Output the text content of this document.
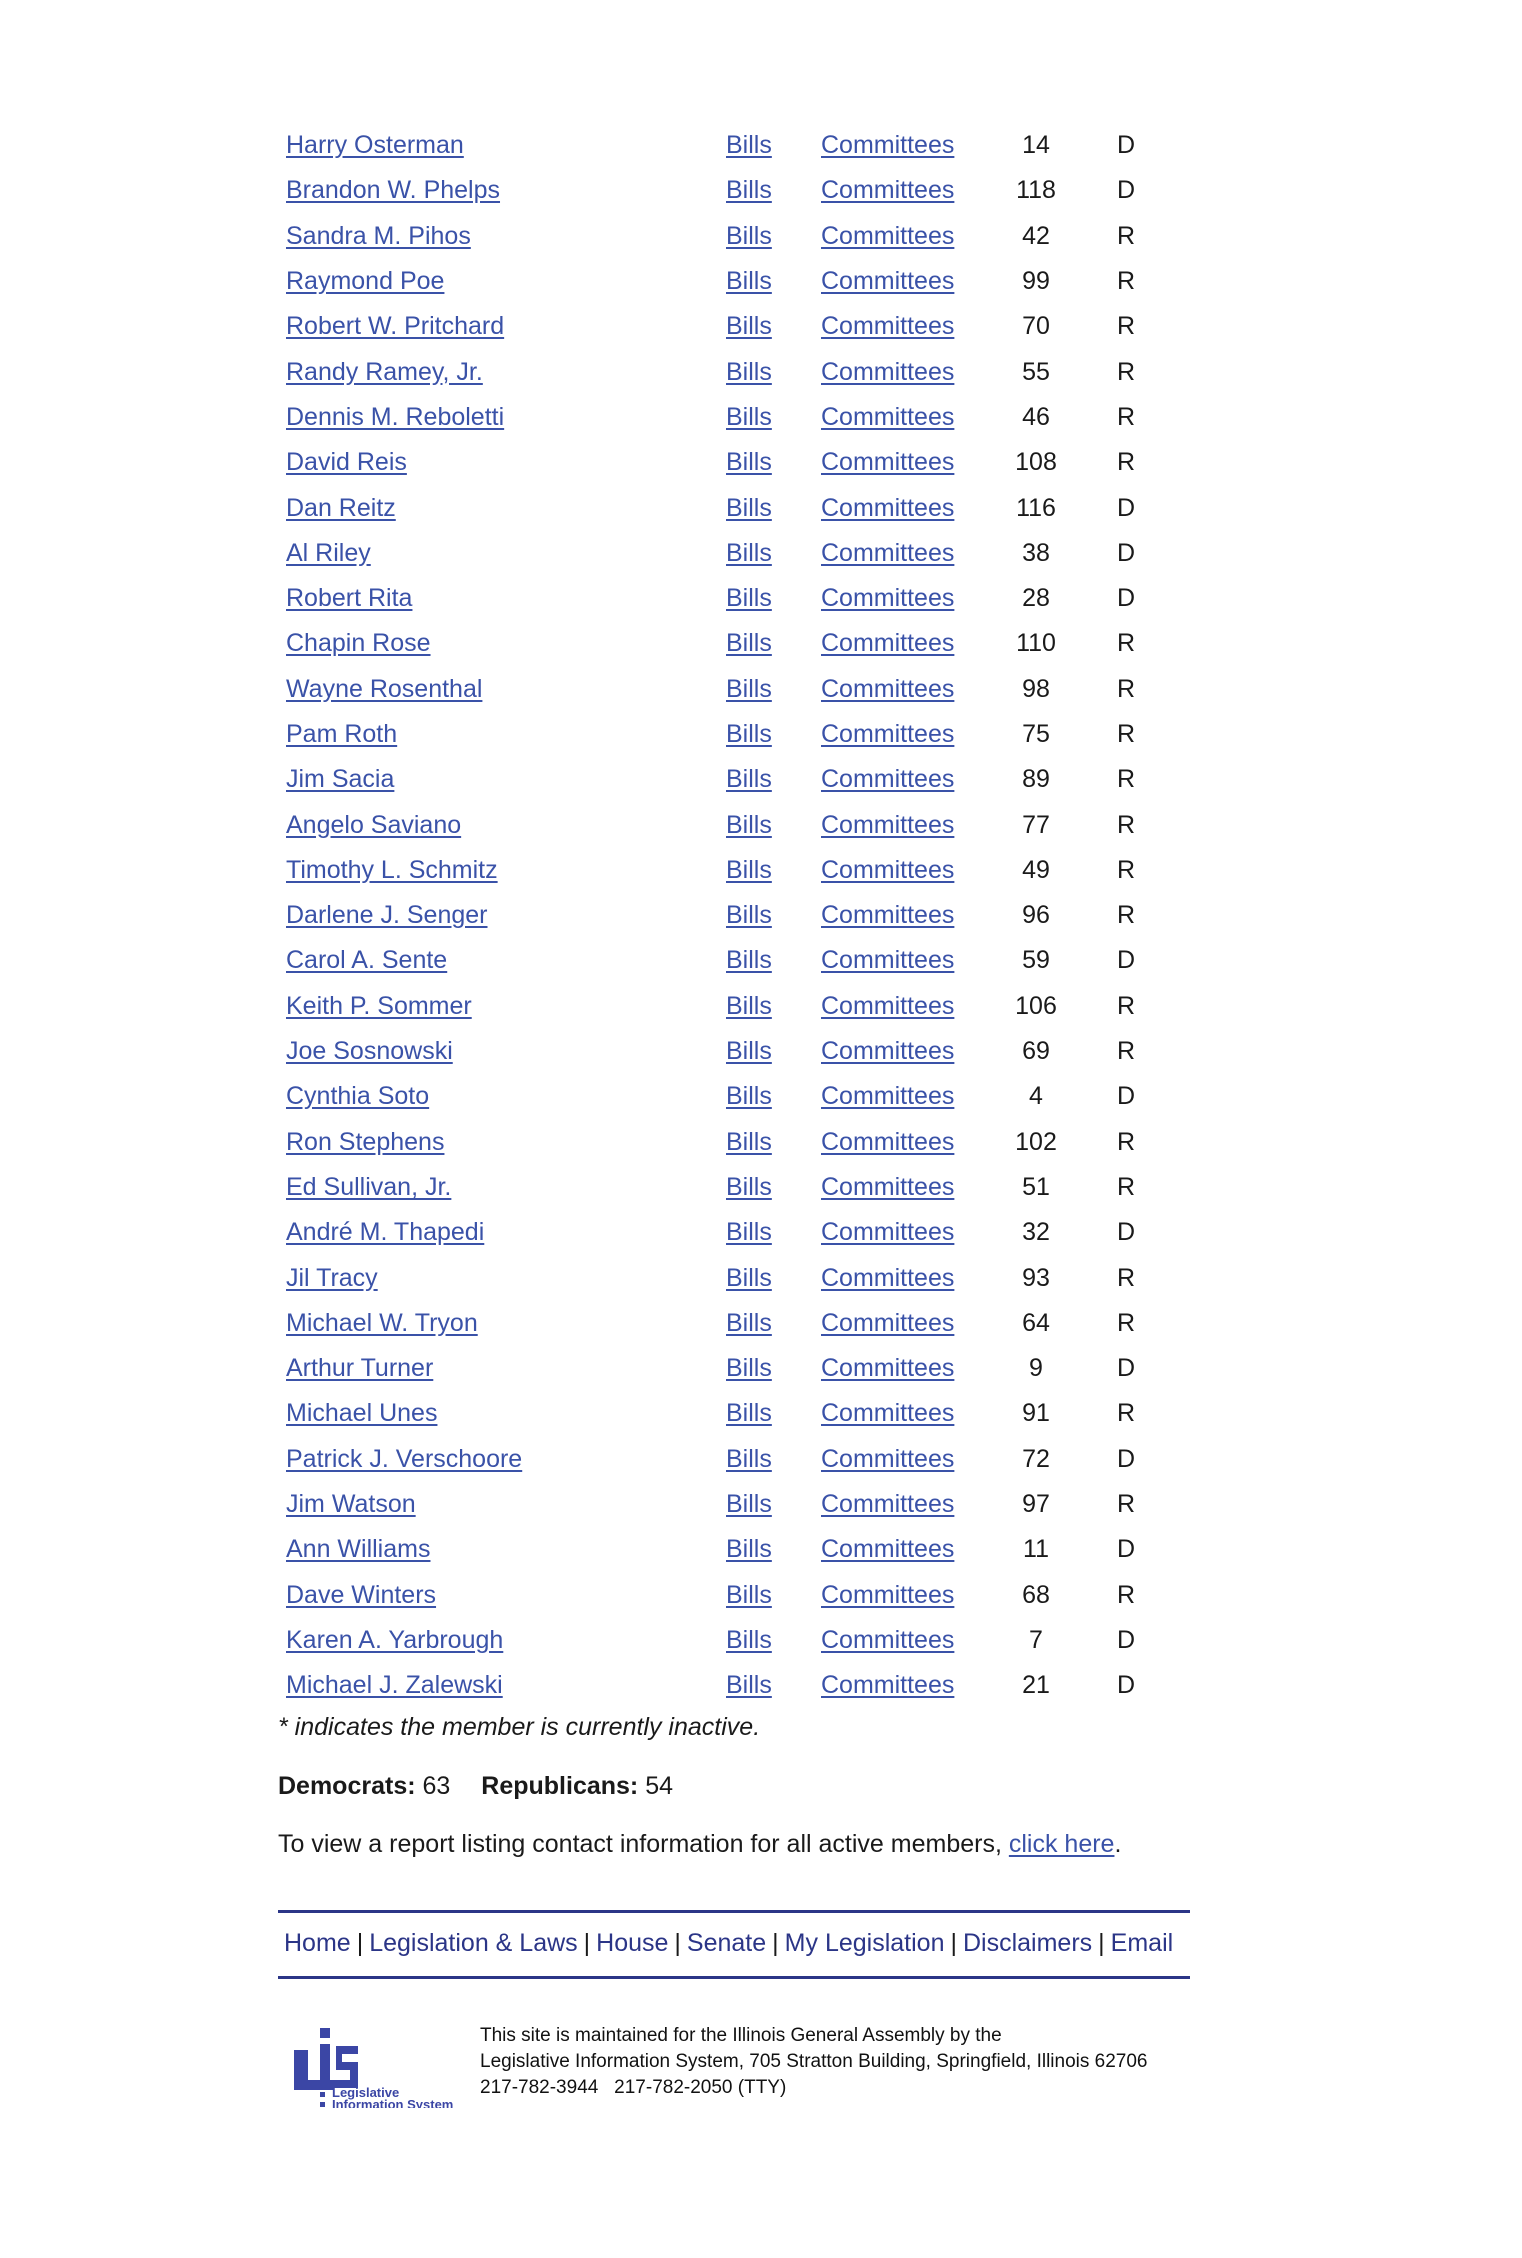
Harry Osterman	Bills	Committees	14	D
Brandon W. Phelps	Bills	Committees	118	D
Sandra M. Pihos	Bills	Committees	42	R
Raymond Poe	Bills	Committees	99	R
Robert W. Pritchard	Bills	Committees	70	R
Randy Ramey, Jr.	Bills	Committees	55	R
Dennis M. Reboletti	Bills	Committees	46	R
David Reis	Bills	Committees	108	R
Dan Reitz	Bills	Committees	116	D
Al Riley	Bills	Committees	38	D
Robert Rita	Bills	Committees	28	D
Chapin Rose	Bills	Committees	110	R
Wayne Rosenthal	Bills	Committees	98	R
Pam Roth	Bills	Committees	75	R
Jim Sacia	Bills	Committees	89	R
Angelo Saviano	Bills	Committees	77	R
Timothy L. Schmitz	Bills	Committees	49	R
Darlene J. Senger	Bills	Committees	96	R
Carol A. Sente	Bills	Committees	59	D
Keith P. Sommer	Bills	Committees	106	R
Joe Sosnowski	Bills	Committees	69	R
Cynthia Soto	Bills	Committees	4	D
Ron Stephens	Bills	Committees	102	R
Ed Sullivan, Jr.	Bills	Committees	51	R
André M. Thapedi	Bills	Committees	32	D
Jil Tracy	Bills	Committees	93	R
Michael W. Tryon	Bills	Committees	64	R
Arthur Turner	Bills	Committees	9	D
Michael Unes	Bills	Committees	91	R
Patrick J. Verschoore	Bills	Committees	72	D
Jim Watson	Bills	Committees	97	R
Ann Williams	Bills	Committees	11	D
Dave Winters	Bills	Committees	68	R
Karen A. Yarbrough	Bills	Committees	7	D
Michael J. Zalewski	Bills	Committees	21	D
* indicates the member is currently inactive.
Democrats: 63 Republicans: 54
To view a report listing contact information for all active members, click here.
Home | Legislation & Laws | House | Senate | My Legislation | Disclaimers | Email
Legislative
Information System
This site is maintained for the Illinois General Assembly by the
Legislative Information System, 705 Stratton Building, Springfield, Illinois 62706
217-782-3944   217-782-2050 (TTY)
